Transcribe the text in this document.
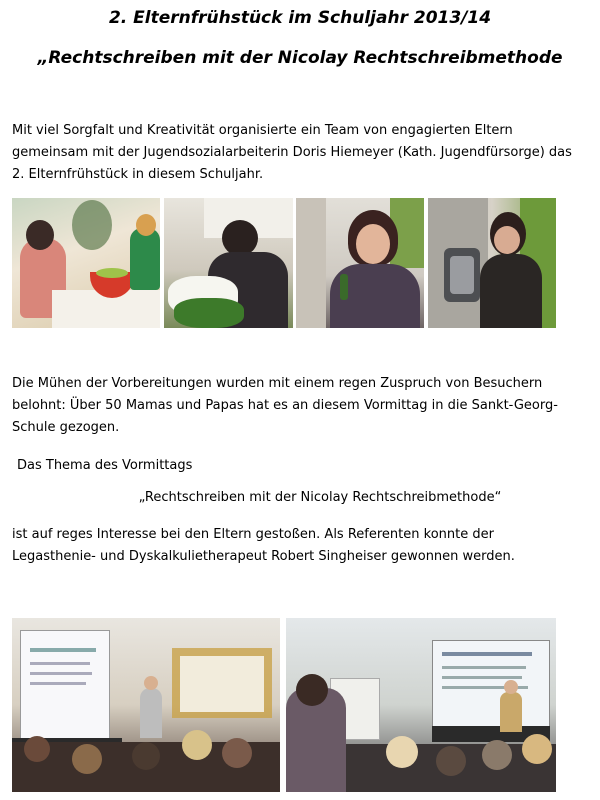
2. Elternfrühstück im Schuljahr 2013/14
„Rechtschreiben mit der Nicolay Rechtschreibmethode

Mit viel Sorgfalt und Kreativität organisierte ein Team von engagierten Eltern
gemeinsam mit der Jugendsozialarbeiterin Doris Hiemeyer (Kath. Jugendfürsorge) das
2. Elternfrühstück in diesem Schuljahr.

Die Mühen der Vorbereitungen wurden mit einem regen Zuspruch von Besuchern
belohnt: Über 50 Mamas und Papas hat es an diesem Vormittag in die Sankt-Georg-
Schule gezogen.

Das Thema des Vormittags

„Rechtschreiben mit der Nicolay Rechtschreibmethode“

ist auf reges Interesse bei den Eltern gestoßen. Als Referenten konnte der
Legasthenie- und Dyskalkulietherapeut Robert Singheiser gewonnen werden.
